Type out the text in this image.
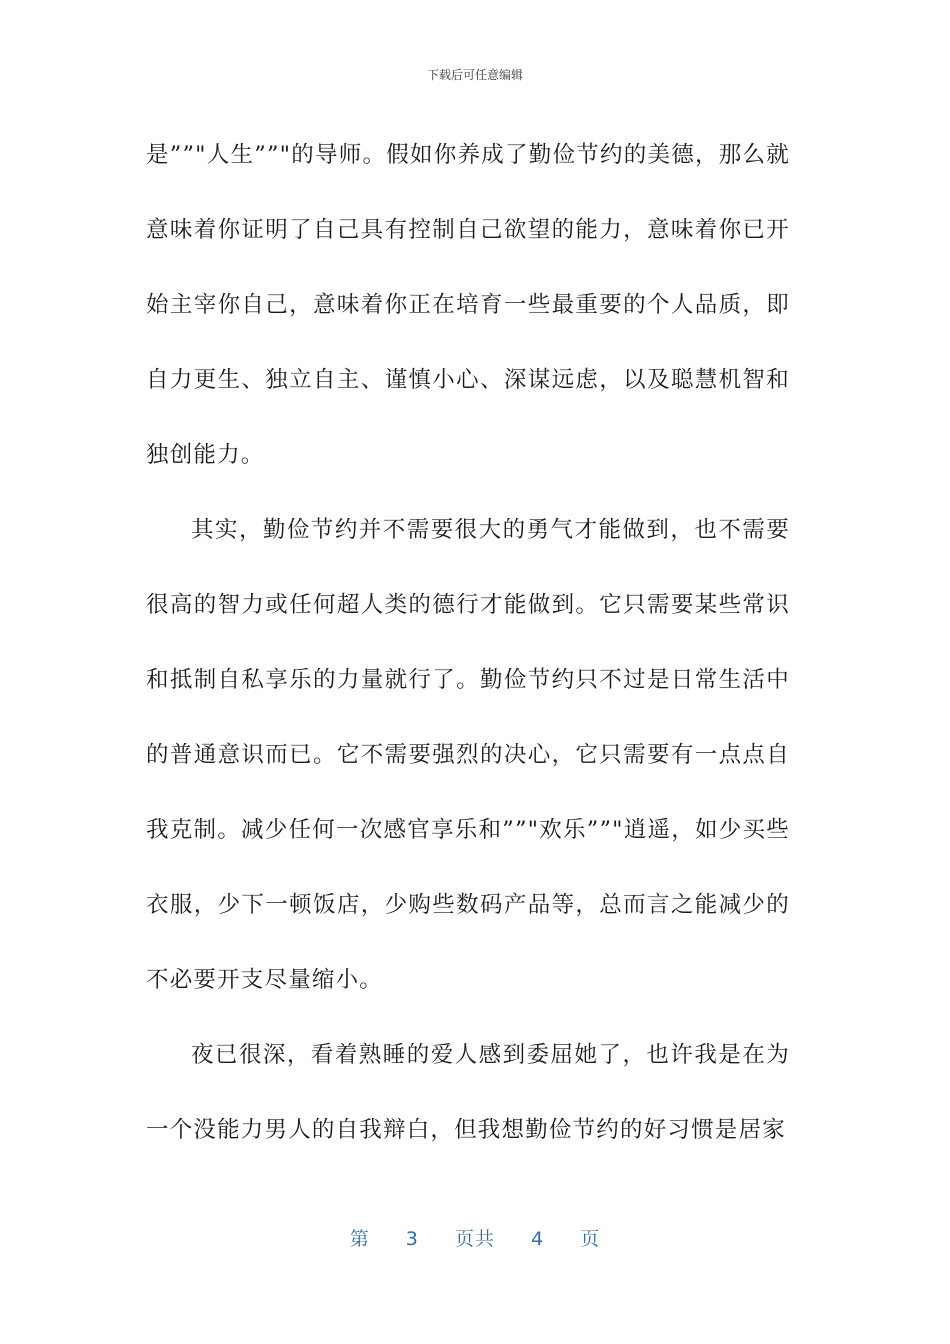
下载后可任意编辑

是””"人生””"的导师。假如你养成了勤俭节约的美德，那么就意味着你证明了自己具有控制自己欲望的能力，意味着你已开始主宰你自己，意味着你正在培育一些最重要的个人品质，即自力更生、独立自主、谨慎小心、深谋远虑，以及聪慧机智和独创能力。

其实，勤俭节约并不需要很大的勇气才能做到，也不需要很高的智力或任何超人类的德行才能做到。它只需要某些常识和抵制自私享乐的力量就行了。勤俭节约只不过是日常生活中的普通意识而已。它不需要强烈的决心，它只需要有一点点自我克制。减少任何一次感官享乐和””"欢乐””"逍遥，如少买些衣服，少下一顿饭店，少购些数码产品等，总而言之能减少的不必要开支尽量缩小。

夜已很深，看着熟睡的爱人感到委屈她了，也许我是在为一个没能力男人的自我辩白，但我想勤俭节约的好习惯是居家

第 3 页共 4 页
